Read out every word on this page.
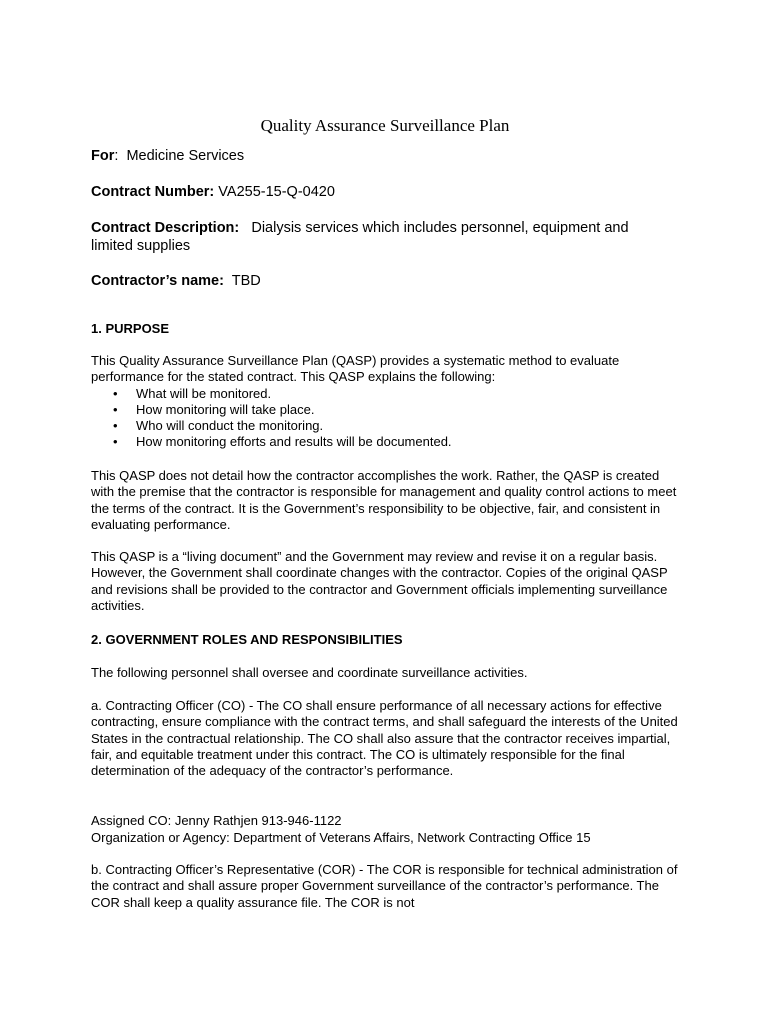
Quality Assurance Surveillance Plan
For:  Medicine Services
Contract Number: VA255-15-Q-0420
Contract Description: Dialysis services which includes personnel, equipment and limited supplies
Contractor’s name: TBD
1. PURPOSE

This Quality Assurance Surveillance Plan (QASP) provides a systematic method to evaluate performance for the stated contract. This QASP explains the following:

• What will be monitored.
• How monitoring will take place.
• Who will conduct the monitoring.
• How monitoring efforts and results will be documented.
This QASP does not detail how the contractor accomplishes the work. Rather, the QASP is created with the premise that the contractor is responsible for management and quality control actions to meet the terms of the contract. It is the Government’s responsibility to be objective, fair, and consistent in evaluating performance.
This QASP is a “living document” and the Government may review and revise it on a regular basis. However, the Government shall coordinate changes with the contractor. Copies of the original QASP and revisions shall be provided to the contractor and Government officials implementing surveillance activities.
2. GOVERNMENT ROLES AND RESPONSIBILITIES
The following personnel shall oversee and coordinate surveillance activities.
a. Contracting Officer (CO) - The CO shall ensure performance of all necessary actions for effective contracting, ensure compliance with the contract terms, and shall safeguard the interests of the United States in the contractual relationship. The CO shall also assure that the contractor receives impartial, fair, and equitable treatment under this contract. The CO is ultimately responsible for the final determination of the adequacy of the contractor’s performance.
Assigned CO: Jenny Rathjen 913-946-1122
Organization or Agency: Department of Veterans Affairs, Network Contracting Office 15
b. Contracting Officer’s Representative (COR) - The COR is responsible for technical administration of the contract and shall assure proper Government surveillance of the contractor’s performance. The COR shall keep a quality assurance file. The COR is not
